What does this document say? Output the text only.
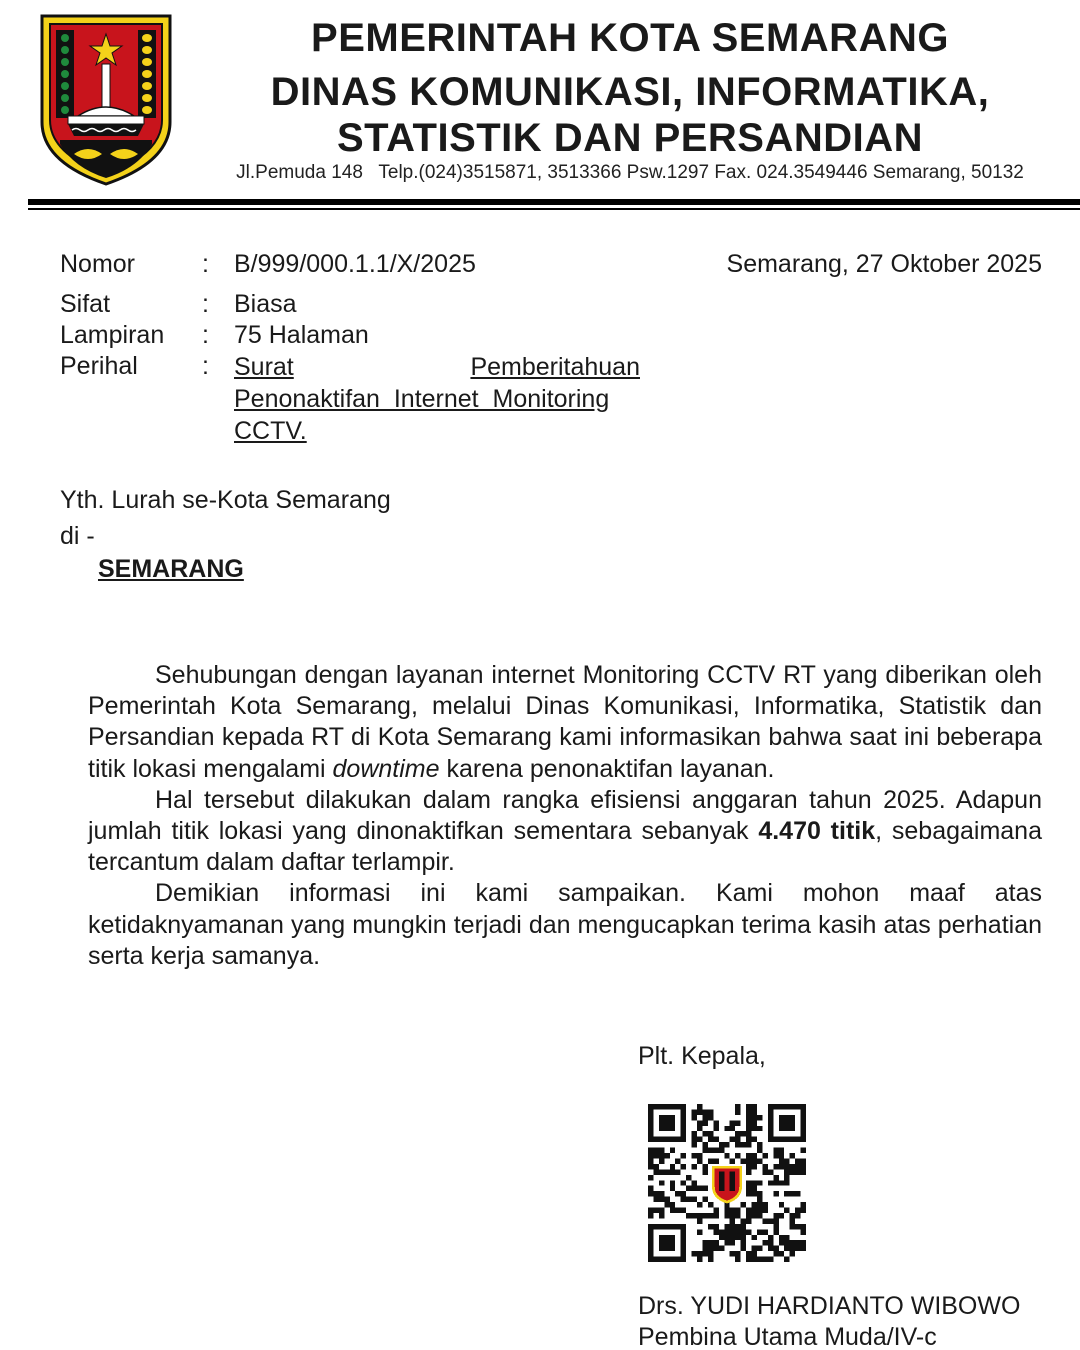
PEMERINTAH KOTA SEMARANG
DINAS KOMUNIKASI, INFORMATIKA,
STATISTIK DAN PERSANDIAN
Jl.Pemuda 148   Telp.(024)3515871, 3513366 Psw.1297 Fax. 024.3549446 Semarang, 50132
Nomor	: B/999/000.1.1/X/2025
Sifat	: Biasa
Lampiran	: 75 Halaman
Perihal	: Surat	Pemberitahuan
Penonaktifan  Internet  Monitoring
CCTV.
Semarang, 27 Oktober 2025
Yth. Lurah se-Kota Semarang
di -
SEMARANG

Sehubungan dengan layanan internet Monitoring CCTV RT yang diberikan oleh Pemerintah Kota Semarang, melalui Dinas Komunikasi, Informatika, Statistik dan Persandian kepada RT di Kota Semarang kami informasikan bahwa saat ini beberapa titik lokasi mengalami downtime karena penonaktifan layanan.

Hal tersebut dilakukan dalam rangka efisiensi anggaran tahun 2025. Adapun jumlah titik lokasi yang dinonaktifkan sementara sebanyak 4.470 titik, sebagaimana tercantum dalam daftar terlampir.

Demikian informasi ini kami sampaikan. Kami mohon maaf atas ketidaknyamanan yang mungkin terjadi dan mengucapkan terima kasih atas perhatian serta kerja samanya.

Plt. Kepala,
Drs. YUDI HARDIANTO WIBOWO
Pembina Utama Muda/IV-c
